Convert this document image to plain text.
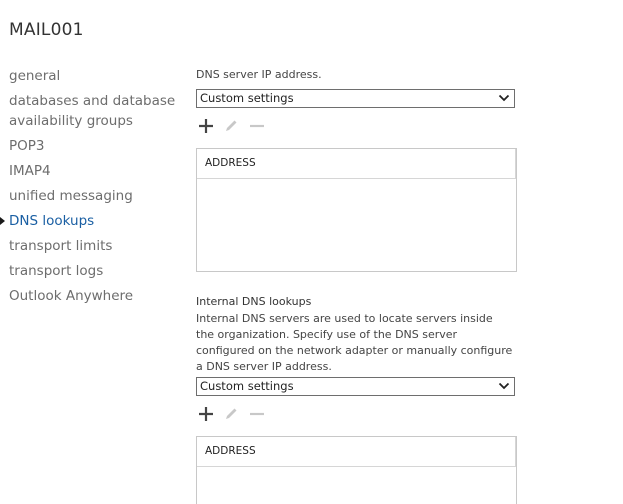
MAIL001
general
databases and database availability groups
POP3
IMAP4
unified messaging
DNS lookups
transport limits
transport logs
Outlook Anywhere
DNS server IP address.
Custom settings
ADDRESS
Internal DNS lookups
Internal DNS servers are used to locate servers inside the organization. Specify use of the DNS server configured on the network adapter or manually configure a DNS server IP address.
Custom settings
ADDRESS
